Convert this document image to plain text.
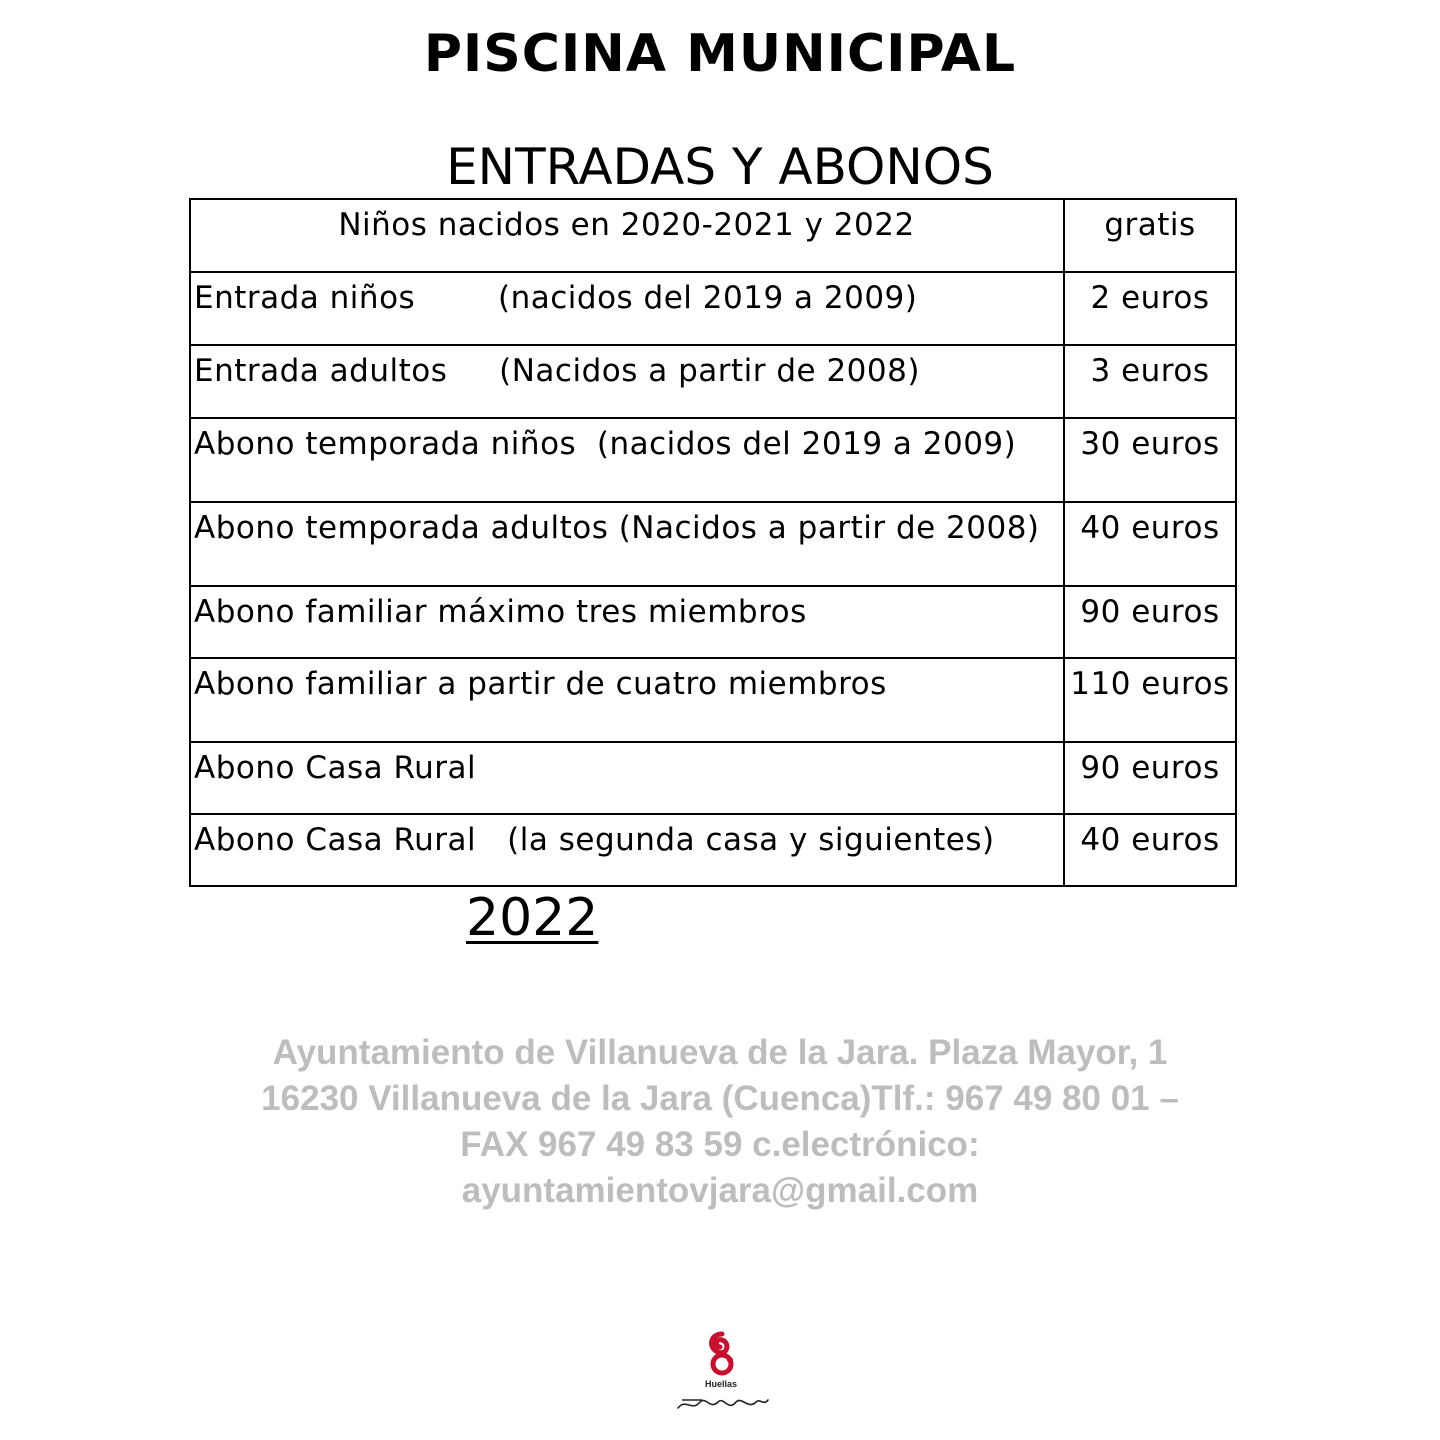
PISCINA MUNICIPAL
ENTRADAS Y ABONOS
Niños nacidos en 2020-2021 y 2022	gratis
Entrada niños        (nacidos del 2019 a 2009)	2 euros
Entrada adultos     (Nacidos a partir de 2008)	3 euros
Abono temporada niños  (nacidos del 2019 a 2009)	30 euros
Abono temporada adultos (Nacidos a partir de 2008)	40 euros
Abono familiar máximo tres miembros	90 euros
Abono familiar a partir de cuatro miembros	110 euros
Abono Casa Rural	90 euros
Abono Casa Rural   (la segunda casa y siguientes)	40 euros
2022
Ayuntamiento de Villanueva de la Jara. Plaza Mayor, 1
16230 Villanueva de la Jara (Cuenca)Tlf.: 967 49 80 01 –
FAX 967 49 83 59 c.electrónico:
ayuntamientovjara@gmail.com
Huellas
